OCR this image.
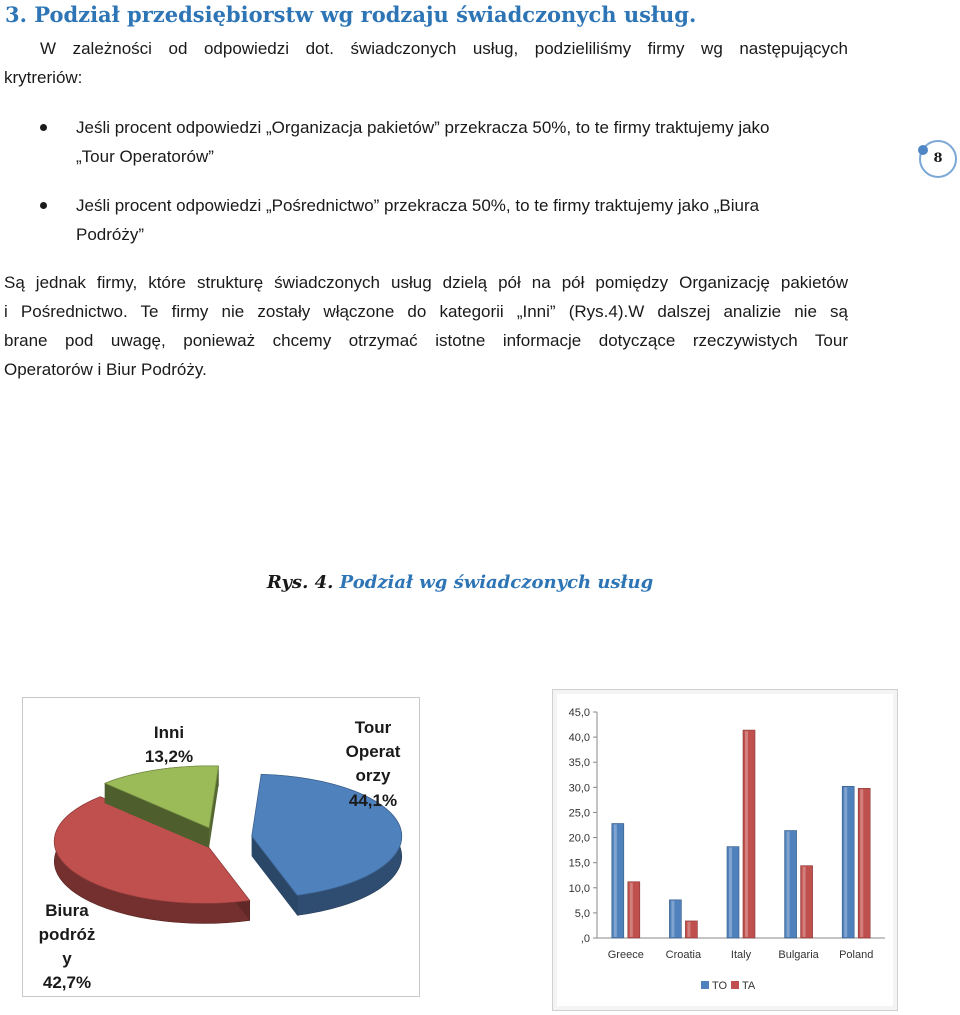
3. Podział przedsiębiorstw wg rodzaju świadczonych usług.
W zależności od odpowiedzi dot. świadczonych usług, podzieliliśmy firmy wg następujących
krytreriów:
Jeśli procent odpowiedzi „Organizacja pakietów” przekracza 50%, to te firmy traktujemy jako
„Tour Operatorów”
Jeśli procent odpowiedzi „Pośrednictwo” przekracza 50%, to te firmy traktujemy jako „Biura
Podróży”
8
Są jednak firmy, które strukturę świadczonych usług dzielą pół na pół pomiędzy Organizację pakietów
i Pośrednictwo. Te firmy nie zostały włączone do kategorii „Inni” (Rys.4).W dalszej analizie nie są
brane pod uwagę, ponieważ chcemy otrzymać istotne informacje dotyczące rzeczywistych Tour
Operatorów i Biur Podróży.
Rys. 4. Podział wg świadczonych usług
Tour
Operat
orzy
44,1%
Inni
13,2%
Biura
podróż
y
42,7%
,0
5,0
10,0
15,0
20,0
25,0
30,0
35,0
40,0
45,0
Greece Croatia	Italy Bulgaria Poland
TO TA
